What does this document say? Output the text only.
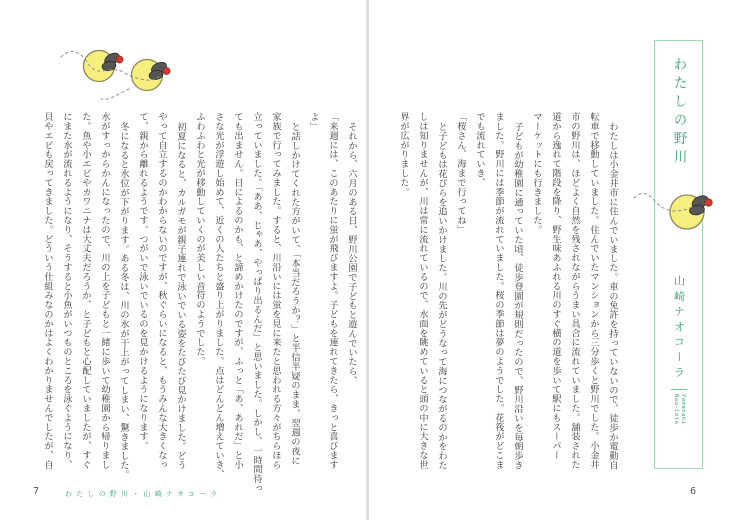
それから、六月のある日、野川公園で子どもと遊んでいたら、
「来週には、このあたりに蛍が飛びますよ。子どもを連れてきたら、きっと喜びます
よ」
と話しかけてくれた方がいて、「本当だろうか？」と半信半疑のまま、翌週の夜に
家族で行ってみました。すると、川沿いには蛍を見に来たと思われる方々がちらほら
立っていました。「ああ、じゃあ、やっぱり出るんだ」と思いました。しかし、一時間待っ
ても出ません。日によるのかも、と諦めかけたのですが、ふっと「あ、あれだ」と小
さな光が浮遊し始めて、近くの人たちと盛り上がりました。点はどんどん増えていき、
ふわふわと光が移動していくのが美しい音符のようでした。
初夏になると、カルガモが親子連れで泳いでいる姿をたびたび見かけました。どう
やって自立するのかわからないのですが、秋ぐらいになると、もうみんな大きくなっ
て、親から離れるようです。つがいで泳いでいるのを見かけるようになります。
冬になると水位が下がります。ある冬は、川の水が干上がってしまい、驚きました。
水がすっからかんになったので、川の上を子どもと一緒に歩いて幼稚園から帰りまし
た。魚や小エビやカワニナは大丈夫だろうか、と子どもと心配していましたが、すぐ
にまた水が流れるようになり、そうすると小魚がいつものところを泳ぐようになり、
貝やエビも戻ってきました。どういう仕組みなのかはよくわかりませんでしたが、自	わたしは小金井市に住んでいました。車の免許を持っていないので、徒歩か電動自
転車で移動していました。住んでいたマンションから三分歩くと野川でした。小金井
市の野川は、ほどよく自然を残されながらうまい具合に流れていました。舗装された
道から逸れて階段を降り、野生味あふれる川のすぐ横の道を歩いて駅にもスーパー
マーケットにも行きました。
子どもが幼稚園に通っていた頃、徒歩登園が規則だったので、野川沿いを毎朝歩き
ました。野川には季節が流れていました。桜の季節は夢のようでした。花筏がどこま
でも流れていき、
「桜さん、海まで行ってね」
と子どもは花びらを追いかけました。川の先がどうなって海につながるのかをわた
しは知りませんが、川は常に流れているので、水面を眺めていると頭の中に大きな世
界が広がりました。	わたしの野川
山崎ナオコーラ
Yamazaki
Nao-Cola
7	わたしの野川・山崎ナオコーラ	6
